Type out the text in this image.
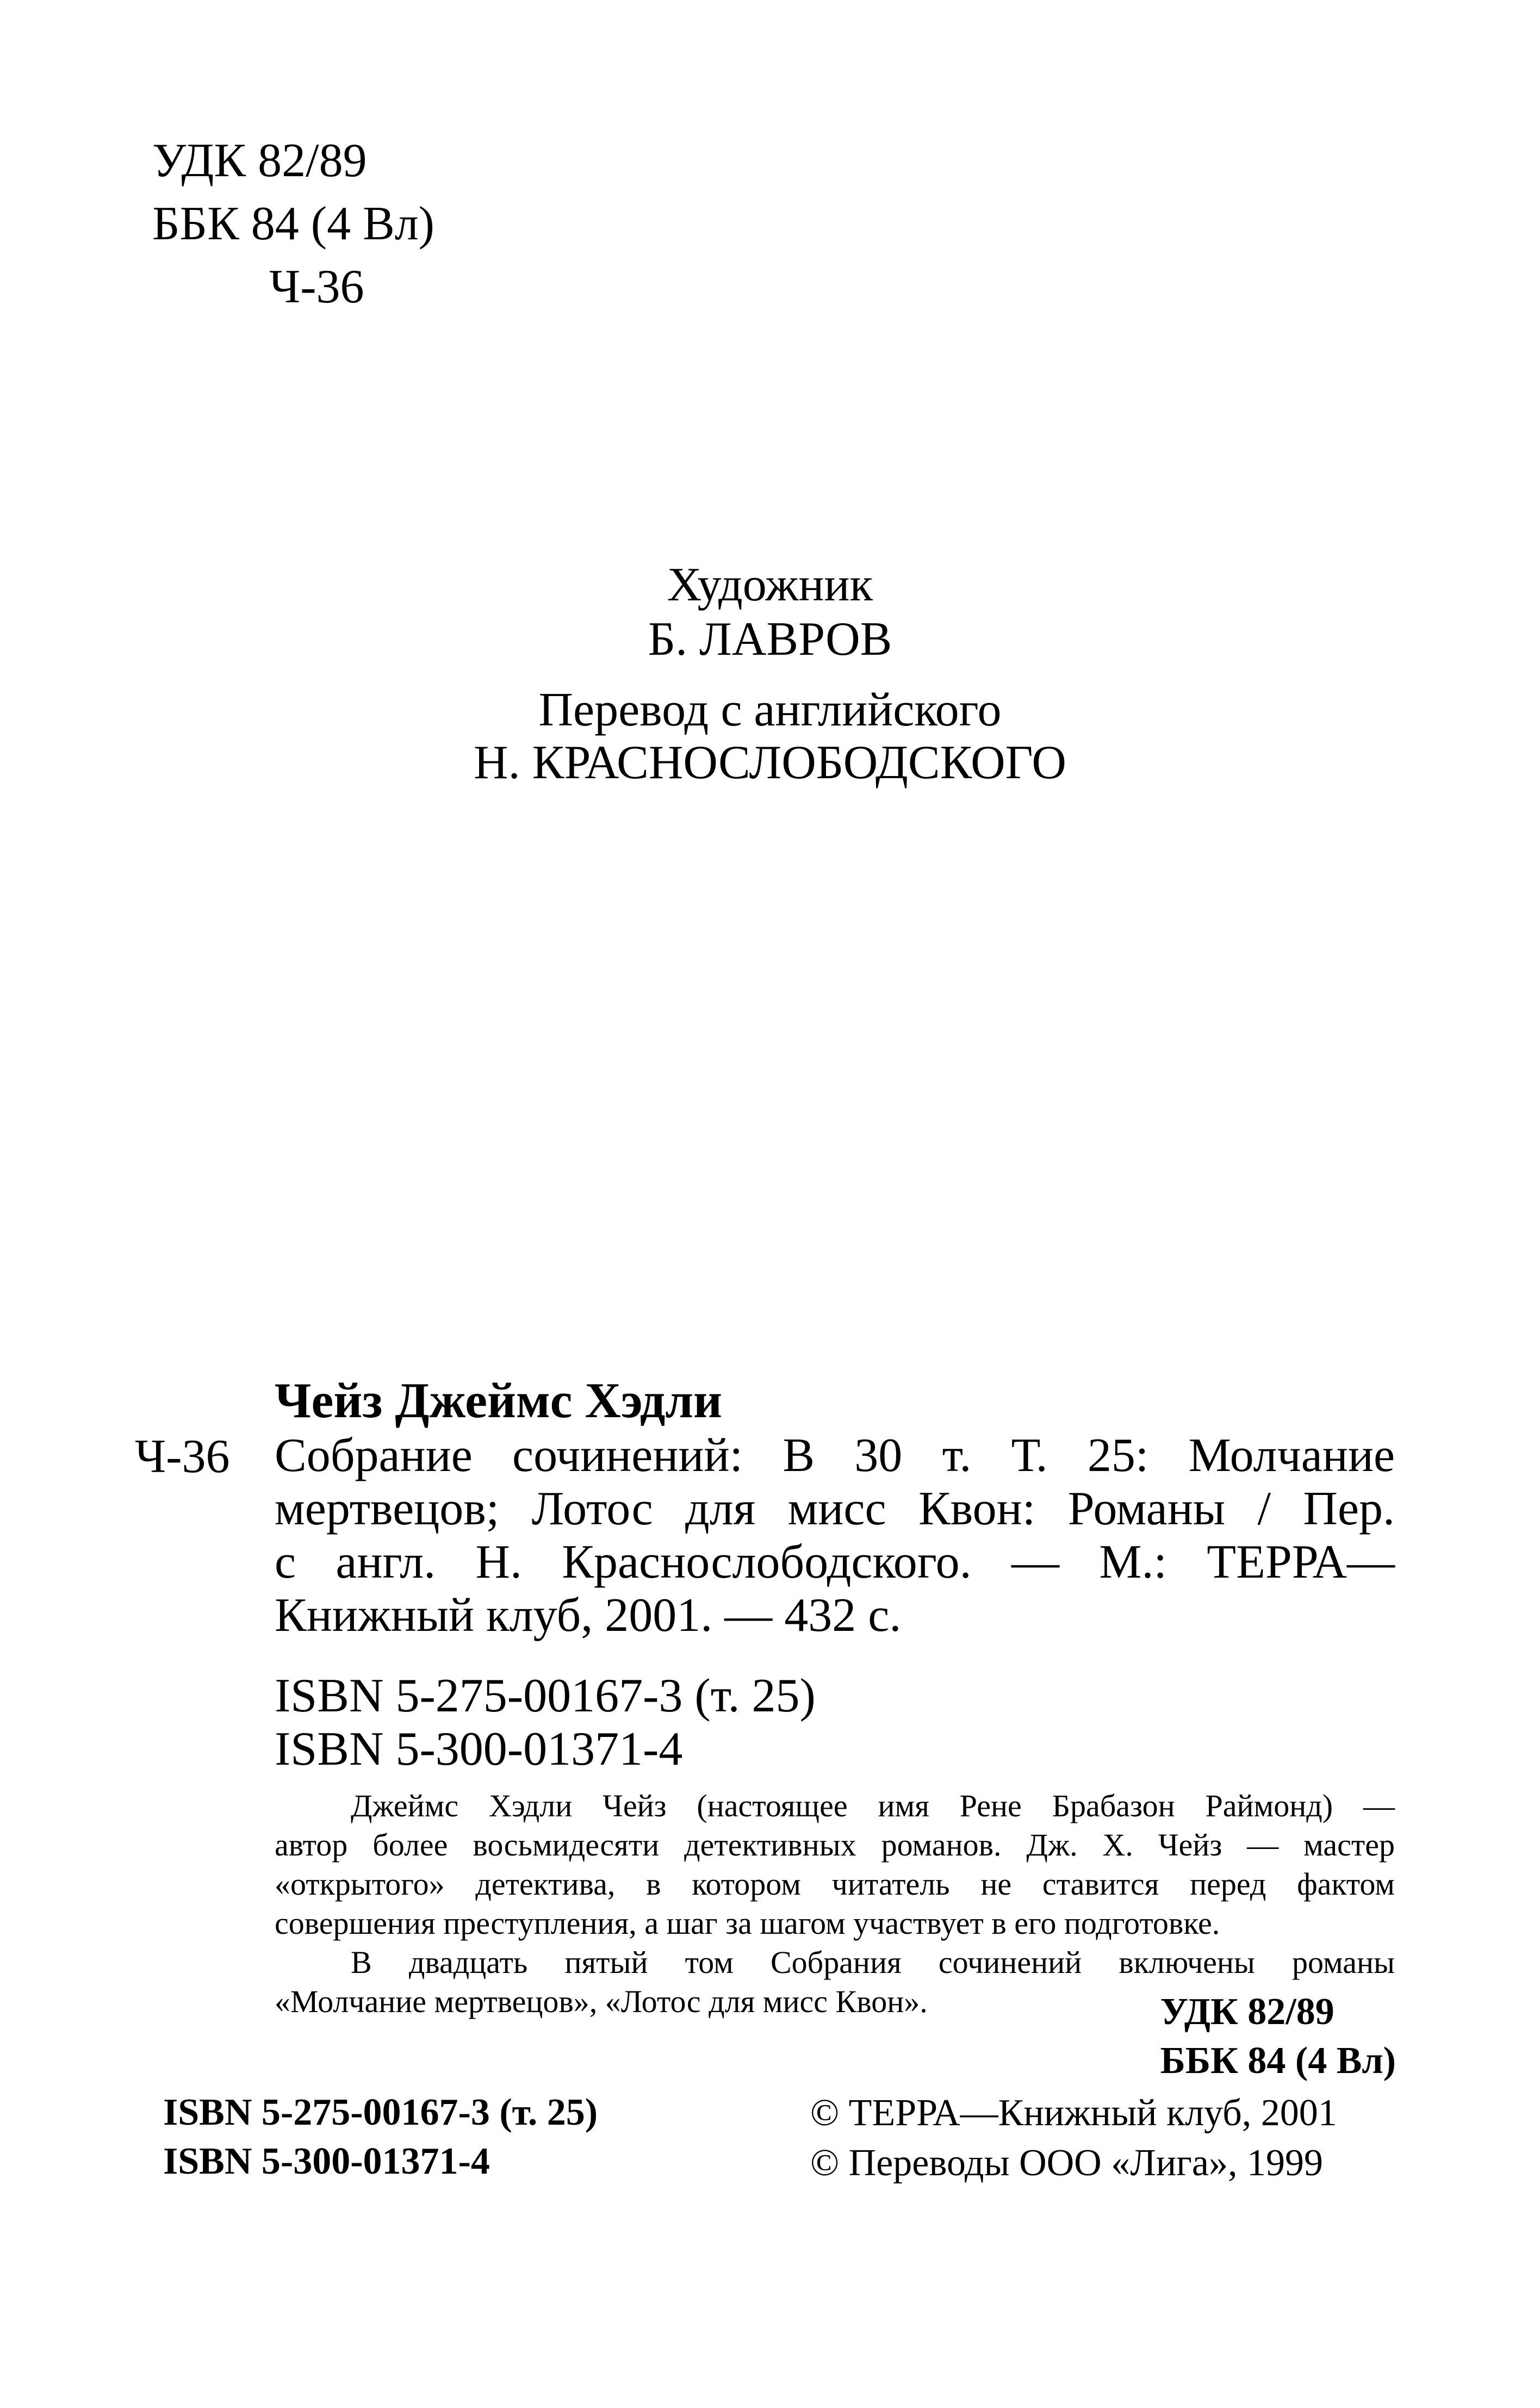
УДК 82/89
ББК 84 (4 Вл)
Ч-36
Художник
Б. ЛАВРОВ
Перевод с английского
Н. КРАСНОСЛОБОДСКОГО
Чейз Джеймс Хэдли
Ч-36 Собрание сочинений: В 30 т. Т. 25: Молчание
мертвецов; Лотос для мисс Квон: Романы / Пер.
с англ. Н. Краснослободского. — М.: ТЕРРА—
Книжный клуб, 2001. — 432 с.
ISBN 5-275-00167-3 (т. 25)
ISBN 5-300-01371-4
Джеймс Хэдли Чейз (настоящее имя Рене Брабазон Раймонд) —
автор более восьмидесяти детективных романов. Дж. Х. Чейз — мастер
«открытого» детектива, в котором читатель не ставится перед фактом
совершения преступления, а шаг за шагом участвует в его подготовке.
В двадцать пятый том Собрания сочинений включены романы
«Молчание мертвецов», «Лотос для мисс Квон».	УДК 82/89
ББК 84 (4 Вл)
ISBN 5-275-00167-3 (т. 25)
ISBN 5-300-01371-4
© ТЕРРА—Книжный клуб, 2001
© Переводы ООО «Лига», 1999
